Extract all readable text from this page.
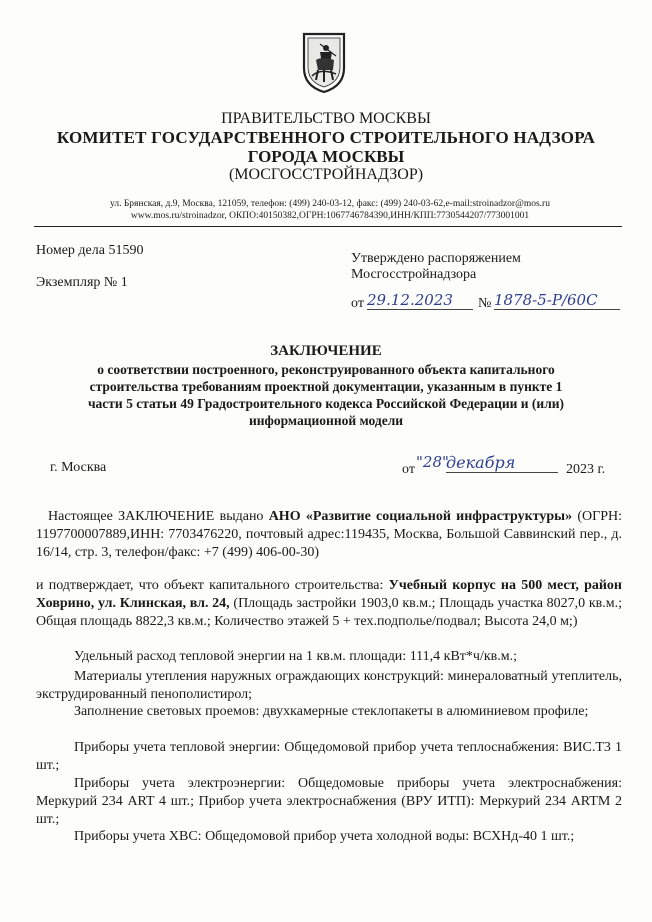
ПРАВИТЕЛЬСТВО МОСКВЫ
КОМИТЕТ ГОСУДАРСТВЕННОГО СТРОИТЕЛЬНОГО НАДЗОРА
ГОРОДА МОСКВЫ
(МОСГОССТРОЙНАДЗОР)
ул. Брянская, д.9, Москва, 121059, телефон: (499) 240-03-12, факс: (499) 240-03-62,e-mail:stroinadzor@mos.ru
www.mos.ru/stroinadzor, ОКПО:40150382,ОГРН:1067746784390,ИНН/КПП:7730544207/773001001
Номер дела 51590
Экземпляр № 1
Утверждено распоряжением
Мосгосстройнадзора
от 29.12.2023	№ 1878-5-Р/60С
ЗАКЛЮЧЕНИЕ
о соответствии построенного, реконструированного объекта капитального
строительства требованиям проектной документации, указанным в пункте 1
части 5 статьи 49 Градостроительного кодекса Российской Федерации и (или)
информационной модели
г. Москва	от "28"
декабря	2023 г.
Настоящее ЗАКЛЮЧЕНИЕ выдано АНО «Развитие социальной инфраструктуры» (ОГРН: 1197700007889,ИНН: 7703476220, почтовый адрес:119435, Москва, Большой Саввинский пер., д. 16/14, стр. 3, телефон/факс: +7 (499) 406-00-30)
и подтверждает, что объект капитального строительства: Учебный корпус на 500 мест, район Ховрино, ул. Клинская, вл. 24, (Площадь застройки 1903,0 кв.м.; Площадь участка 8027,0 кв.м.; Общая площадь 8822,3 кв.м.; Количество этажей 5 + тех.подполье/подвал; Высота 24,0 м;)
Удельный расход тепловой энергии на 1 кв.м. площади: 111,4 кВт*ч/кв.м.;
Материалы утепления наружных ограждающих конструкций: минераловатный утеплитель, экструдированный пенополистирол;
Заполнение световых проемов: двухкамерные стеклопакеты в алюминиевом профиле;
Приборы учета тепловой энергии: Общедомовой прибор учета теплоснабжения: ВИС.Т3 1 шт.;
Приборы учета электроэнергии: Общедомовые приборы учета электроснабжения: Меркурий 234 ART 4 шт.; Прибор учета электроснабжения (ВРУ ИТП): Меркурий 234 ARTM 2 шт.;
Приборы учета ХВС: Общедомовой прибор учета холодной воды: ВСХНд-40 1 шт.;
